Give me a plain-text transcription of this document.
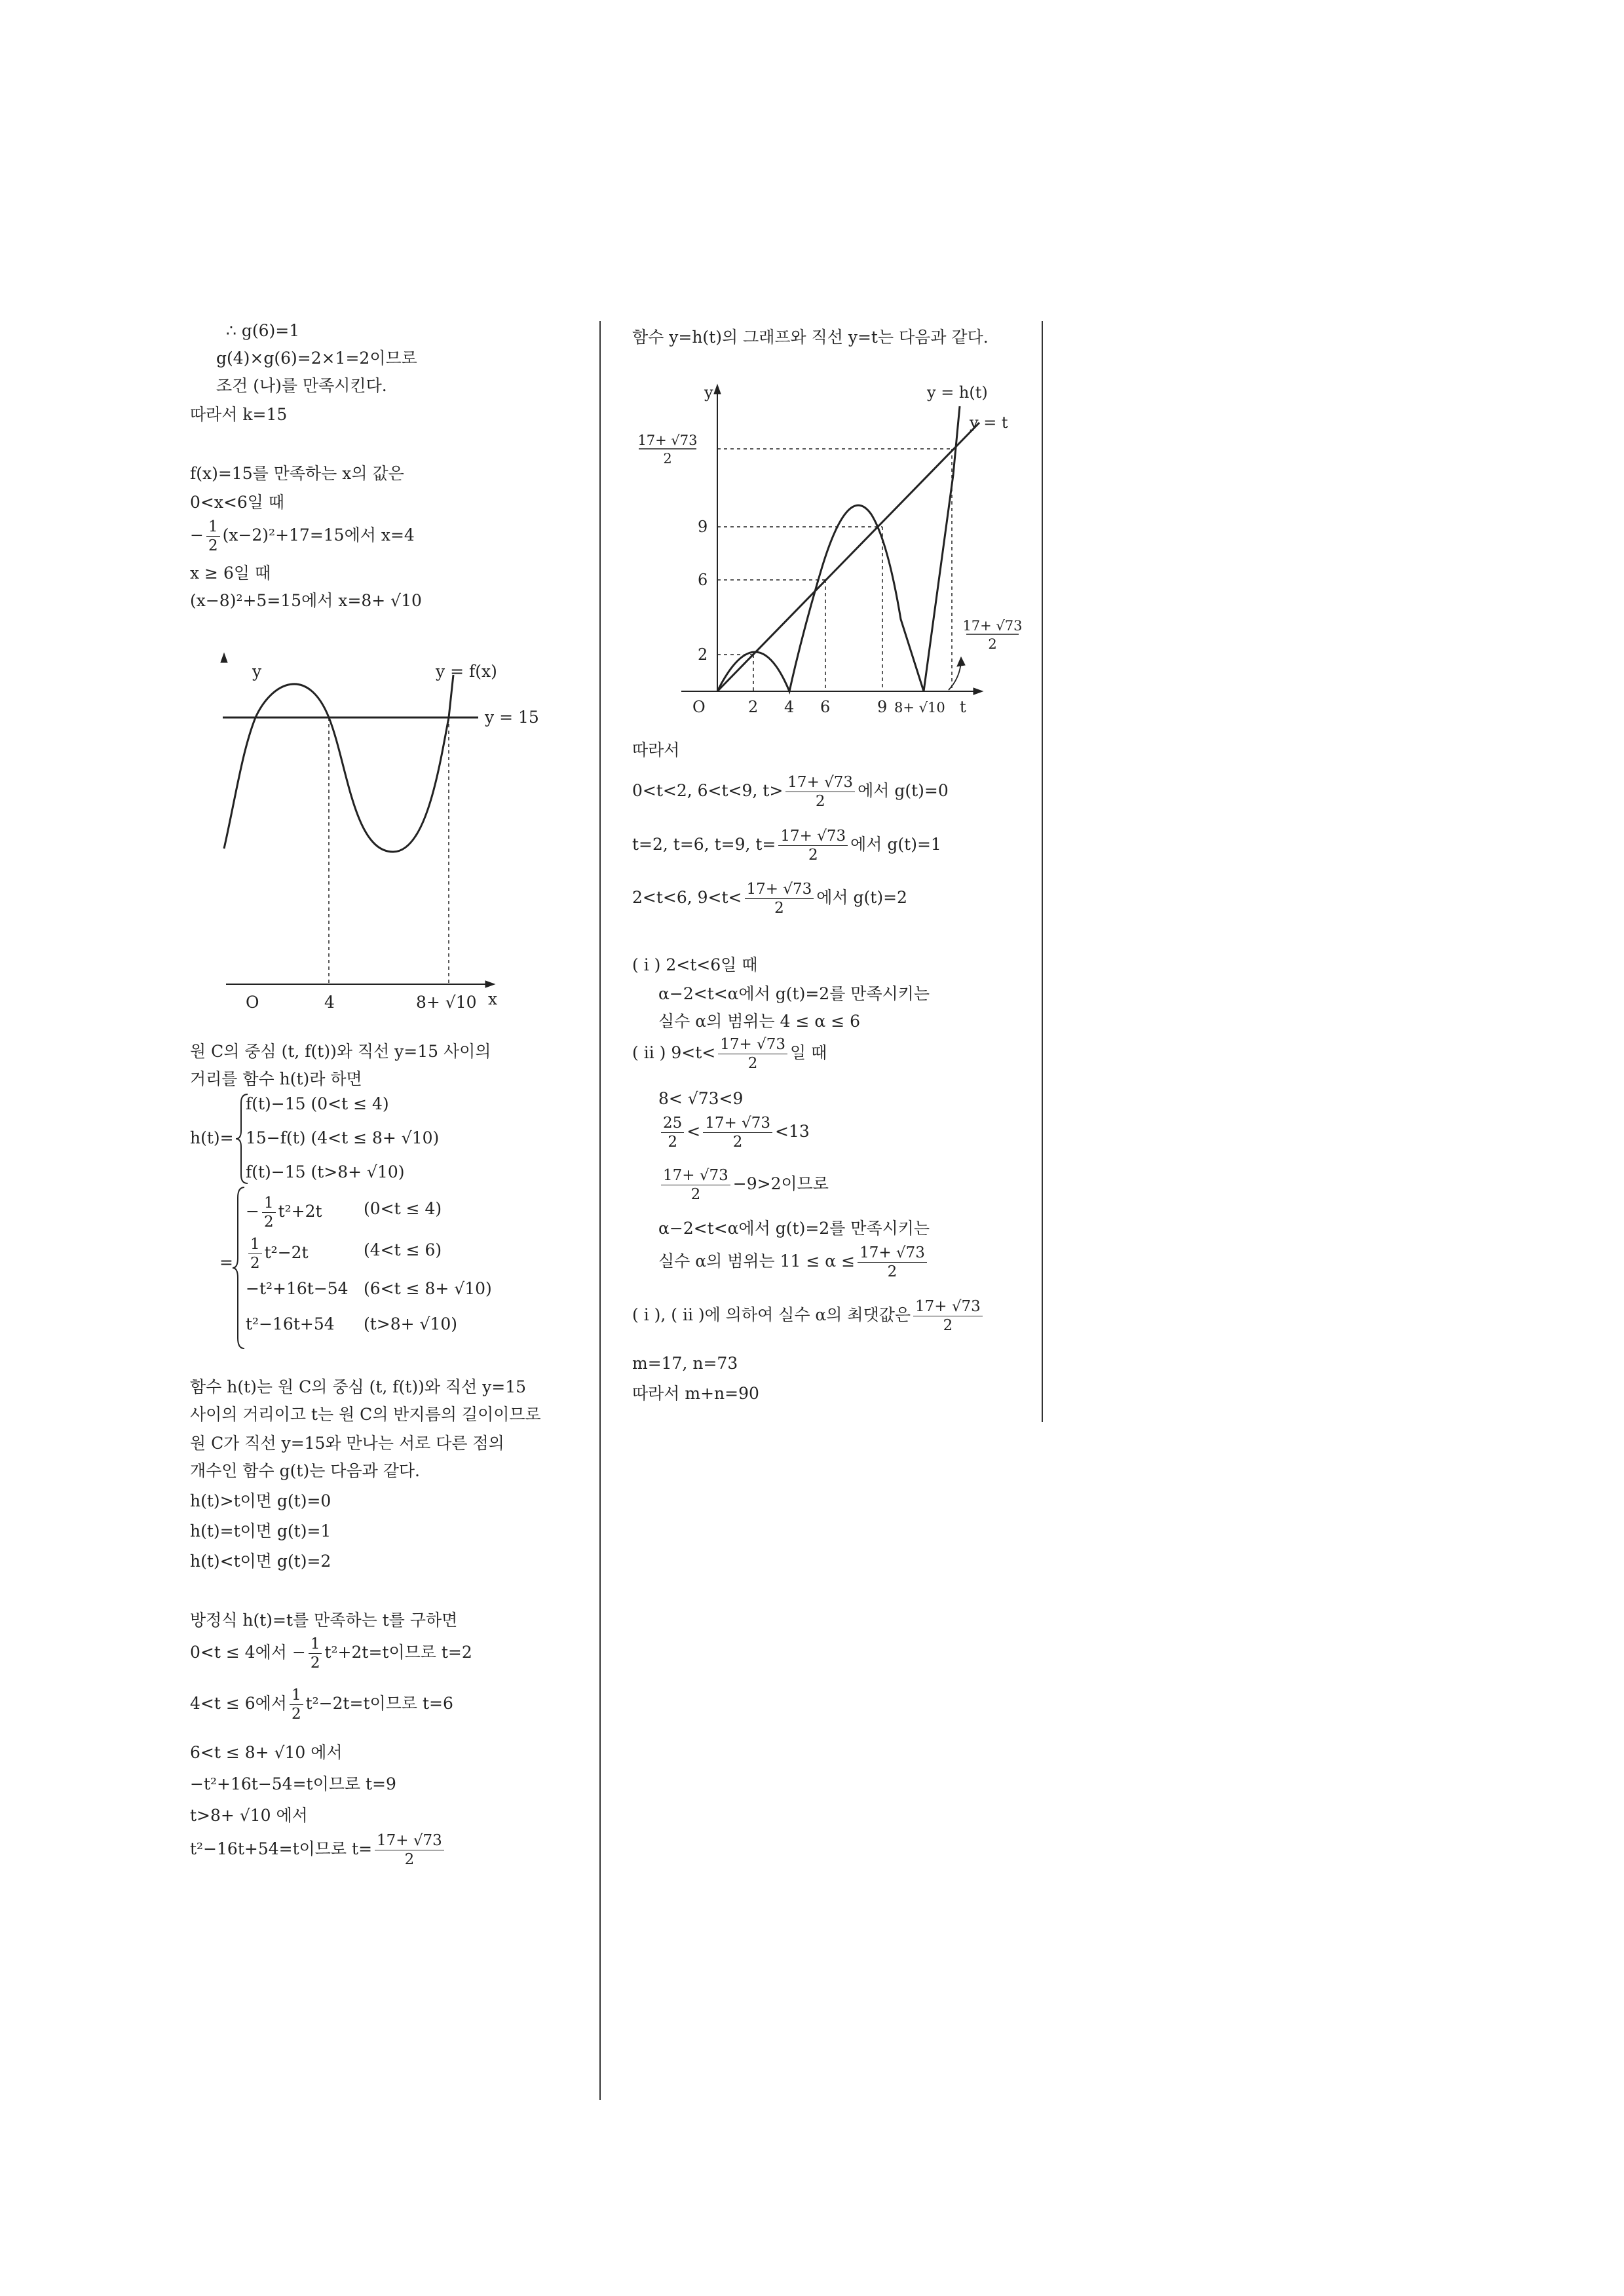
∴ g(6)=1
g(4)×g(6)=2×1=2이므로
조건 (나)를 만족시킨다.
따라서 k=15
f(x)=15를 만족하는 x의 값은
0<x<6일 때
− $\frac{1}{2} (x-2)^2+17=15$에서 x=4
x ≥ 6일 때
(x−8)²+5=15에서 x=8+ √10
y	y = f(x)
y = 15
O	4	8+ √10 x
원 C의 중심 (t, f(t))와 직선 y=15 사이의
거리를 함수 h(t)라 하면
h(t)=
f(t)−15 (0<t ≤ 4)
15−f(t) (4<t ≤ 8+ √10)
f(t)−15 (t>8+ √10)
=
− $\frac{1}{2} t^2+2t$	(0<t ≤ 4)
$\frac{1}{2} t^2-2t$	(4<t ≤ 6)
−t²+16t−54 (6<t ≤ 8+ √10)
t²−16t+54 (t>8+ √10)
함수 h(t)는 원 C의 중심 (t, f(t))와 직선 y=15
사이의 거리이고 t는 원 C의 반지름의 길이이므로
원 C가 직선 y=15와 만나는 서로 다른 점의
개수인 함수 g(t)는 다음과 같다.
h(t)>t이면 g(t)=0
h(t)=t이면 g(t)=1
h(t)<t이면 g(t)=2
방정식 h(t)=t를 만족하는 t를 구하면
0<t ≤ 4에서 − $\frac{1}{2} t^2+2t=t$이므로 t=2
4<t ≤ 6에서 $\frac{1}{2} t^2-2t=t$이므로 t=6
6<t ≤ 8+ √10 에서
−t²+16t−54=t이므로 t=9
t>8+ √10 에서
t²−16t+54=t이므로 $t= \frac{17+ √73}{2}$
함수 y=h(t)의 그래프와 직선 y=t는 다음과 같다.
y	y = h(t)
y = t
17+ √73
2
9
6
2
O	2 4 6	9 8+ √10 t
17+ √73
2
따라서
0<t<2, 6<t<9, $t> \frac{17+ √73}{2}$ 에서 g(t)=0
t=2, t=6, t=9, $t= \frac{17+ √73}{2}$ 에서 g(t)=1
2<t<6, $9<t< \frac{17+ √73}{2}$ 에서 g(t)=2
( i ) 2<t<6일 때
α−2<t<α에서 g(t)=2를 만족시키는
실수 α의 범위는 4 ≤ α ≤ 6
( ii ) $9<t< \frac{17+ √73}{2}$ 일 때
8< √73<9
$\frac{25}{2} < \frac{17+ √73}{2} <13$
$\frac{17+ √73}{2} -9>2$이므로
α−2<t<α에서 g(t)=2를 만족시키는
실수 α의 범위는 $11 \le \alpha \le \frac{17+ √73}{2}$
( i ), ( ii )에 의하여 실수 α의 최댓값은 $\frac{17+ √73}{2}$
m=17, n=73
따라서 m+n=90
